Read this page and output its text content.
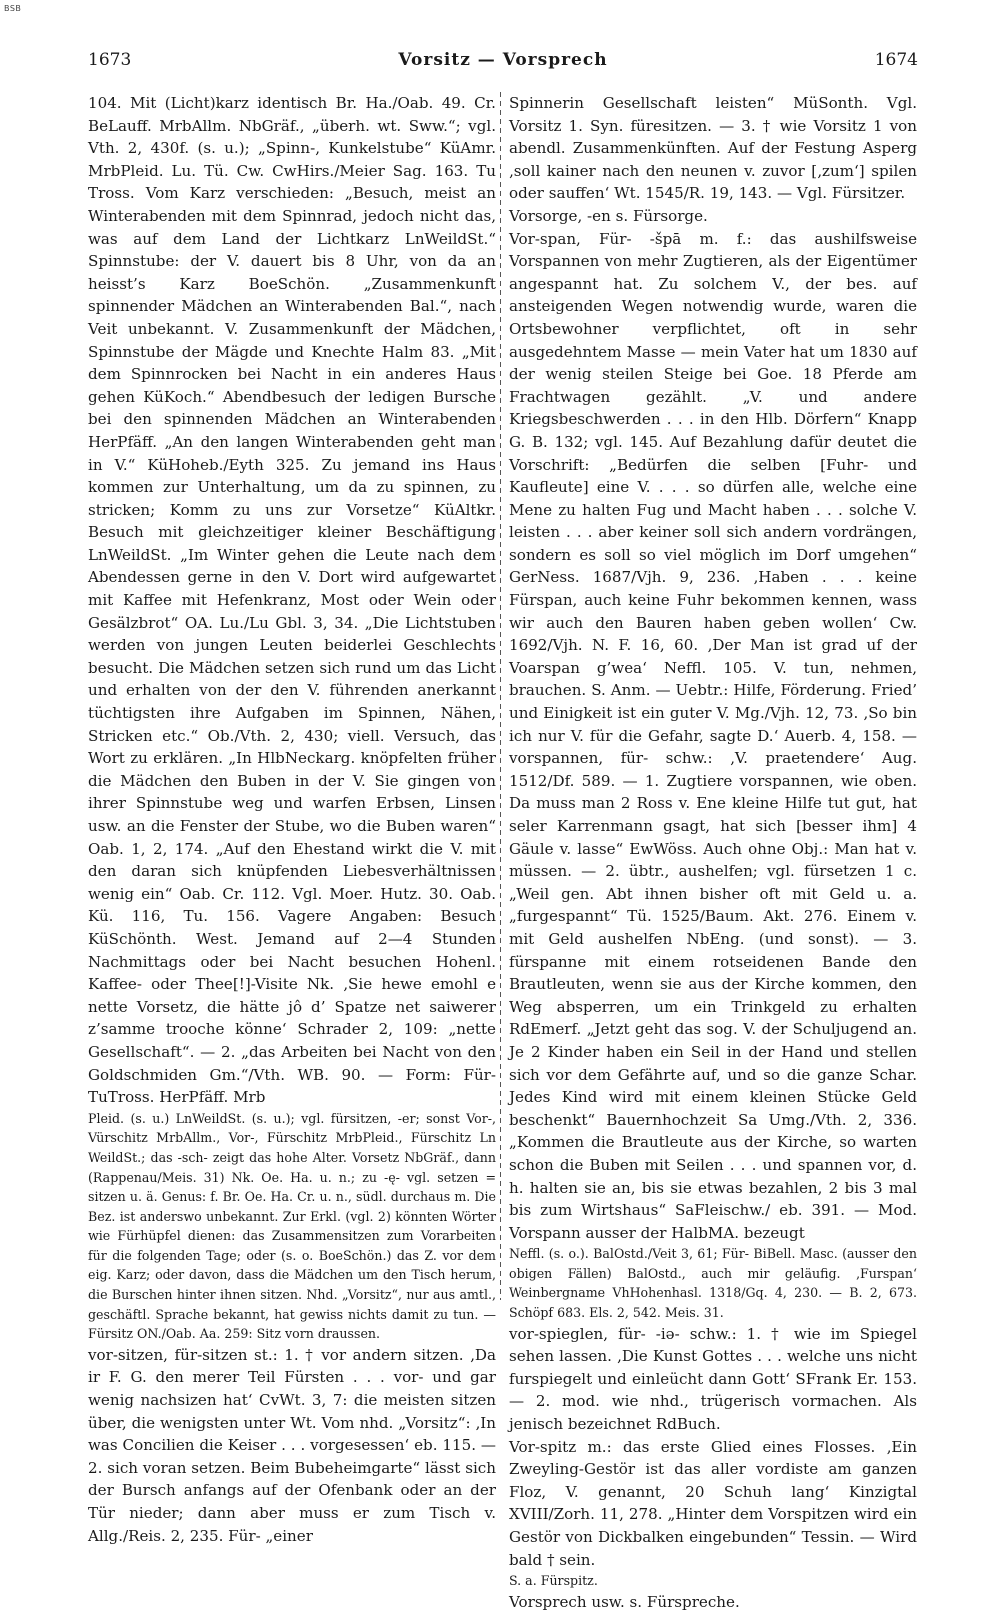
BSB
1673	Vorsitz — Vorsprech	1674

104. Mit (Licht)karz identisch Br. Ha./Oab. 49. Cr. BeLauff. MrbAllm. NbGräf., „überh. wt. Sww.“; vgl. Vth. 2, 430f. (s. u.); „Spinn-, Kunkelstube“ KüAmr. MrbPleid. Lu. Tü. Cw. CwHirs./Meier Sag. 163. Tu Tross. Vom Karz verschieden: „Besuch, meist an Winterabenden mit dem Spinnrad, jedoch nicht das, was auf dem Land der Lichtkarz LnWeildSt.“ Spinnstube: der V. dauert bis 8 Uhr, von da an heisst’s Karz BoeSchön. „Zusammenkunft spinnender Mädchen an Winterabenden Bal.“, nach Veit unbekannt. V. Zusammenkunft der Mädchen, Spinnstube der Mägde und Knechte Halm 83. „Mit dem Spinnrocken bei Nacht in ein anderes Haus gehen KüKoch.“ Abendbesuch der ledigen Bursche bei den spinnenden Mädchen an Winterabenden HerPfäff. „An den langen Winterabenden geht man in V.“ KüHoheb./Eyth 325. Zu jemand ins Haus kommen zur Unterhaltung, um da zu spinnen, zu stricken; Komm zu uns zur Vorsetze“ KüAltkr. Besuch mit gleichzeitiger kleiner Beschäftigung LnWeildSt. „Im Winter gehen die Leute nach dem Abendessen gerne in den V. Dort wird aufgewartet mit Kaffee mit Hefenkranz, Most oder Wein oder Gesälzbrot“ OA. Lu./Lu Gbl. 3, 34. „Die Lichtstuben werden von jungen Leuten beiderlei Geschlechts besucht. Die Mädchen setzen sich rund um das Licht und erhalten von der den V. führenden anerkannt tüchtigsten ihre Aufgaben im Spinnen, Nähen, Stricken etc.“ Ob./Vth. 2, 430; viell. Versuch, das Wort zu erklären. „In HlbNeckarg. knöpfelten früher die Mädchen den Buben in der V. Sie gingen von ihrer Spinnstube weg und warfen Erbsen, Linsen usw. an die Fenster der Stube, wo die Buben waren“ Oab. 1, 2, 174. „Auf den Ehestand wirkt die V. mit den daran sich knüpfenden Liebesverhältnissen wenig ein“ Oab. Cr. 112. Vgl. Moer. Hutz. 30. Oab. Kü. 116, Tu. 156. Vagere Angaben: Besuch KüSchönth. West. Jemand auf 2—4 Stunden Nachmittags oder bei Nacht besuchen Hohenl. Kaffee- oder Thee[!]-Visite Nk. ‚Sie hewe emohl e nette Vorsetz, die hätte jô d’ Spatze net saiwerer z’samme trooche könne‘ Schrader 2, 109: „nette Gesellschaft“. — 2. „das Arbeiten bei Nacht von den Goldschmiden Gm.“/Vth. WB. 90. — Form: Für- TuTross. HerPfäff. Mrb

Pleid. (s. u.) LnWeildSt. (s. u.); vgl. fürsitzen, -er; sonst Vor-, Vürschitz MrbAllm., Vor-, Fürschitz MrbPleid., Fürschitz Ln WeildSt.; das -sch- zeigt das hohe Alter. Vorsetz NbGräf., dann (Rappenau/Meis. 31) Nk. Oe. Ha. u. n.; zu -ę- vgl. setzen = sitzen u. ä. Genus: f. Br. Oe. Ha. Cr. u. n., südl. durchaus m. Die Bez. ist anderswo unbekannt. Zur Erkl. (vgl. 2) könnten Wörter wie Fürhüpfel dienen: das Zusammensitzen zum Vorarbeiten für die folgenden Tage; oder (s. o. BoeSchön.) das Z. vor dem eig. Karz; oder davon, dass die Mädchen um den Tisch herum, die Burschen hinter ihnen sitzen. Nhd. „Vorsitz“, nur aus amtl., geschäftl. Sprache bekannt, hat gewiss nichts damit zu tun. — Fürsitz ON./Oab. Aa. 259: Sitz vorn draussen.

vor-sitzen, für-sitzen st.: 1. † vor andern sitzen. ‚Da ir F. G. den merer Teil Fürsten . . . vor- und gar wenig nachsizen hat‘ CvWt. 3, 7: die meisten sitzen über, die wenigsten unter Wt. Vom nhd. „Vorsitz“: ‚In was Concilien die Keiser . . . vorgesessen‘ eb. 115. — 2. sich voran setzen. Beim Bubeheimgarte“ lässt sich der Bursch anfangs auf der Ofenbank oder an der Tür nieder; dann aber muss er zum Tisch v. Allg./Reis. 2, 235. Für- „einer

Spinnerin Gesellschaft leisten“ MüSonth. Vgl. Vorsitz 1. Syn. füresitzen. — 3. † wie Vorsitz 1 von abendl. Zusammenkünften. Auf der Festung Asperg ‚soll kainer nach den neunen v. zuvor [‚zum‘] spilen oder sauffen‘ Wt. 1545/R. 19, 143. — Vgl. Fürsitzer.

Vorsorge, -en s. Fürsorge.

Vor-span, Für- -špā m. f.: das aushilfsweise Vorspannen von mehr Zugtieren, als der Eigentümer angespannt hat. Zu solchem V., der bes. auf ansteigenden Wegen notwendig wurde, waren die Ortsbewohner verpflichtet, oft in sehr ausgedehntem Masse — mein Vater hat um 1830 auf der wenig steilen Steige bei Goe. 18 Pferde am Frachtwagen gezählt. „V. und andere Kriegsbeschwerden . . . in den Hlb. Dörfern“ Knapp G. B. 132; vgl. 145. Auf Bezahlung dafür deutet die Vorschrift: „Bedürfen die selben [Fuhr- und Kaufleute] eine V. . . . so dürfen alle, welche eine Mene zu halten Fug und Macht haben . . . solche V. leisten . . . aber keiner soll sich andern vordrängen, sondern es soll so viel möglich im Dorf umgehen“ GerNess. 1687/Vjh. 9, 236. ‚Haben . . . keine Fürspan, auch keine Fuhr bekommen kennen, wass wir auch den Bauren haben geben wollen‘ Cw. 1692/Vjh. N. F. 16, 60. ‚Der Man ist grad uf der Voarspan g’wea‘ Neffl. 105. V. tun, nehmen, brauchen. S. Anm. — Uebtr.: Hilfe, Förderung. Fried’ und Einigkeit ist ein guter V. Mg./Vjh. 12, 73. ‚So bin ich nur V. für die Gefahr, sagte D.‘ Auerb. 4, 158. — vorspannen, für- schw.: ‚V. praetendere‘ Aug. 1512/Df. 589. — 1. Zugtiere vorspannen, wie oben. Da muss man 2 Ross v. Ene kleine Hilfe tut gut, hat seler Karrenmann gsagt, hat sich [besser ihm] 4 Gäule v. lasse“ EwWöss. Auch ohne Obj.: Man hat v. müssen. — 2. übtr., aushelfen; vgl. fürsetzen 1 c. „Weil gen. Abt ihnen bisher oft mit Geld u. a. „furgespannt“ Tü. 1525/Baum. Akt. 276. Einem v. mit Geld aushelfen NbEng. (und sonst). — 3. fürspanne mit einem rotseidenen Bande den Brautleuten, wenn sie aus der Kirche kommen, den Weg absperren, um ein Trinkgeld zu erhalten RdEmerf. „Jetzt geht das sog. V. der Schuljugend an. Je 2 Kinder haben ein Seil in der Hand und stellen sich vor dem Gefährte auf, und so die ganze Schar. Jedes Kind wird mit einem kleinen Stücke Geld beschenkt“ Bauernhochzeit Sa Umg./Vth. 2, 336. „Kommen die Brautleute aus der Kirche, so warten schon die Buben mit Seilen . . . und spannen vor, d. h. halten sie an, bis sie etwas bezahlen, 2 bis 3 mal bis zum Wirtshaus“ SaFleischw./ eb. 391. — Mod. Vorspann ausser der HalbMA. bezeugt

Neffl. (s. o.). BalOstd./Veit 3, 61; Für- BiBell. Masc. (ausser den obigen Fällen) BalOstd., auch mir geläufig. ‚Furspan‘ Weinbergname VhHohenhasl. 1318/Gq. 4, 230. — B. 2, 673. Schöpf 683. Els. 2, 542. Meis. 31.

vor-spieglen, für- -iə- schw.: 1. † wie im Spiegel sehen lassen. ‚Die Kunst Gottes . . . welche uns nicht furspiegelt und einleücht dann Gott‘ SFrank Er. 153. — 2. mod. wie nhd., trügerisch vormachen. Als jenisch bezeichnet RdBuch.

Vor-spitz m.: das erste Glied eines Flosses. ‚Ein Zweyling-Gestör ist das aller vordiste am ganzen Floz, V. genannt, 20 Schuh lang‘ Kinzigtal XVIII/Zorh. 11, 278. „Hinter dem Vorspitzen wird ein Gestör von Dickbalken eingebunden“ Tessin. — Wird bald † sein.

S. a. Fürspitz.

Vorsprech usw. s. Fürspreche.
